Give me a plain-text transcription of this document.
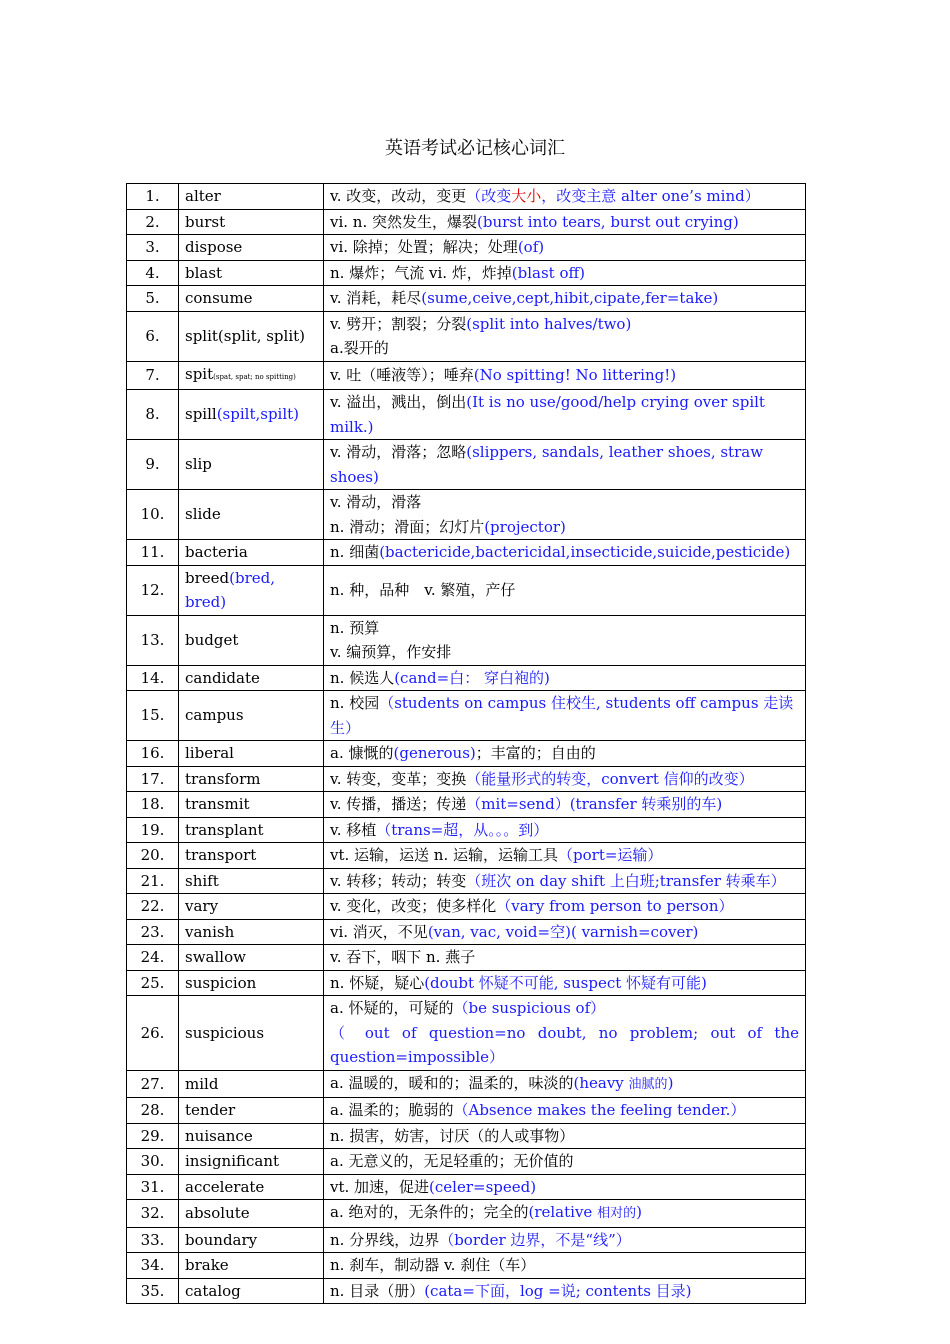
英语考试必记核心词汇
1.	alter	v. 改变，改动，变更（改变大小，改变主意 alter one’s mind）
2.	burst	vi. n. 突然发生，爆裂(burst into tears, burst out crying)
3.	dispose	vi. 除掉；处置；解决；处理(of)
4.	blast	n. 爆炸；气流 vi. 炸，炸掉(blast off)
5.	consume	v. 消耗，耗尽(sume,ceive,cept,hibit,cipate,fer=take)
6.	split(split, split)	v. 劈开；割裂；分裂(split into halves/two)
a.裂开的

7.	spit(spat, spat; no spitting)	v. 吐（唾液等）；唾弃(No spitting! No littering!)
8.	spill(spilt,spilt)	v. 溢出，溅出，倒出(It is no use/good/help crying over spilt milk.)
9.	slip	v. 滑动，滑落；忽略(slippers, sandals, leather shoes, straw shoes)
10.	slide	v. 滑动，滑落
n. 滑动；滑面；幻灯片(projector)

11.	bacteria	n. 细菌(bactericide,bactericidal,insecticide,suicide,pesticide)
12.	breed(bred, bred)	n. 种，品种　v. 繁殖，产仔
13.	budget	n. 预算
v. 编预算，作安排

14.	candidate	n. 候选人(cand=白： 穿白袍的)
15.	campus	n. 校园（students on campus 住校生, students off campus 走读生）
16.	liberal	a. 慷慨的(generous)；丰富的；自由的
17.	transform	v. 转变，变革；变换（能量形式的转变，convert 信仰的改变）
18.	transmit	v. 传播，播送；传递（mit=send）(transfer 转乘别的车)
19.	transplant	v. 移植（trans=超，从。。。到）
20.	transport	vt. 运输，运送 n. 运输，运输工具（port=运输）
21.	shift	v. 转移；转动；转变（班次 on day shift 上白班;transfer 转乘车）
22.	vary	v. 变化，改变；使多样化（vary from person to person）
23.	vanish	vi. 消灭，不见(van, vac, void=空)( varnish=cover)
24.	swallow	v. 吞下，咽下 n. 燕子
25.	suspicion	n. 怀疑，疑心(doubt 怀疑不可能, suspect 怀疑有可能)
26.	suspicious	a. 怀疑的，可疑的（be suspicious of）
（ out of question=no doubt, no problem; out of the question=impossible）

27.	mild	a. 温暖的，暖和的；温柔的，味淡的(heavy 油腻的)
28.	tender	a. 温柔的；脆弱的（Absence makes the feeling tender.）
29.	nuisance	n. 损害，妨害，讨厌（的人或事物）
30.	insignificant	a. 无意义的，无足轻重的；无价值的
31.	accelerate	vt. 加速，促进(celer=speed)
32.	absolute	a. 绝对的，无条件的；完全的(relative 相对的)
33.	boundary	n. 分界线，边界（border 边界，不是“线”）
34.	brake	n. 刹车，制动器 v. 刹住（车）
35.	catalog	n. 目录（册）(cata=下面，log =说; contents 目录)
